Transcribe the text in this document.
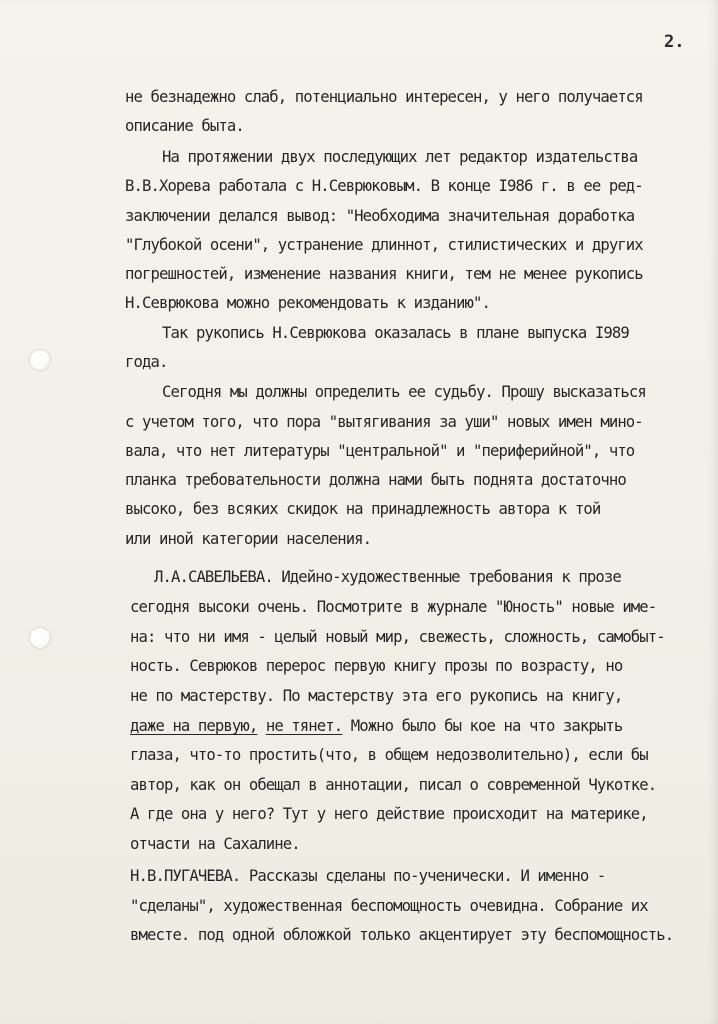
2.
не безнадежно слаб, потенциально интересен, у него получается
описание быта.
На протяжении двух последующих лет редактор издательства
В.В.Хорева работала с Н.Севрюковым. В конце I986 г. в ее ред-
заключении делался вывод: "Необходима значительная доработка
"Глубокой осени", устранение длиннот, стилистических и других
погрешностей, изменение названия книги, тем не менее рукопись
Н.Севрюкова можно рекомендовать к изданию".
Так рукопись Н.Севрюкова оказалась в плане выпуска I989
года.
Сегодня мы должны определить ее судьбу. Прошу высказаться
с учетом того, что пора "вытягивания за уши" новых имен мино-
вала, что нет литературы "центральной" и "периферийной", что
планка требовательности должна нами быть поднята достаточно
высоко, без всяких скидок на принадлежность автора к той
или иной категории населения.
Л.А.САВЕЛЬЕВА. Идейно-художественные требования к прозе
сегодня высоки очень. Посмотрите в журнале "Юность" новые име-
на: что ни имя - целый новый мир, свежесть, сложность, самобыт-
ность. Севрюков перерос первую книгу прозы по возрасту, но
не по мастерству. По мастерству эта его рукопись на книгу,
даже на первую, не тянет. Можно было бы кое на что закрыть
глаза, что-то простить(что, в общем недозволительно), если бы
автор, как он обещал в аннотации, писал о современной Чукотке.
А где она у него? Тут у него действие происходит на материке,
отчасти на Сахалине.
Н.В.ПУГАЧЕВА. Рассказы сделаны по-ученически. И именно -
"сделаны", художественная беспомощность очевидна. Собрание их
вместе. под одной обложкой только акцентирует эту беспомощность.
